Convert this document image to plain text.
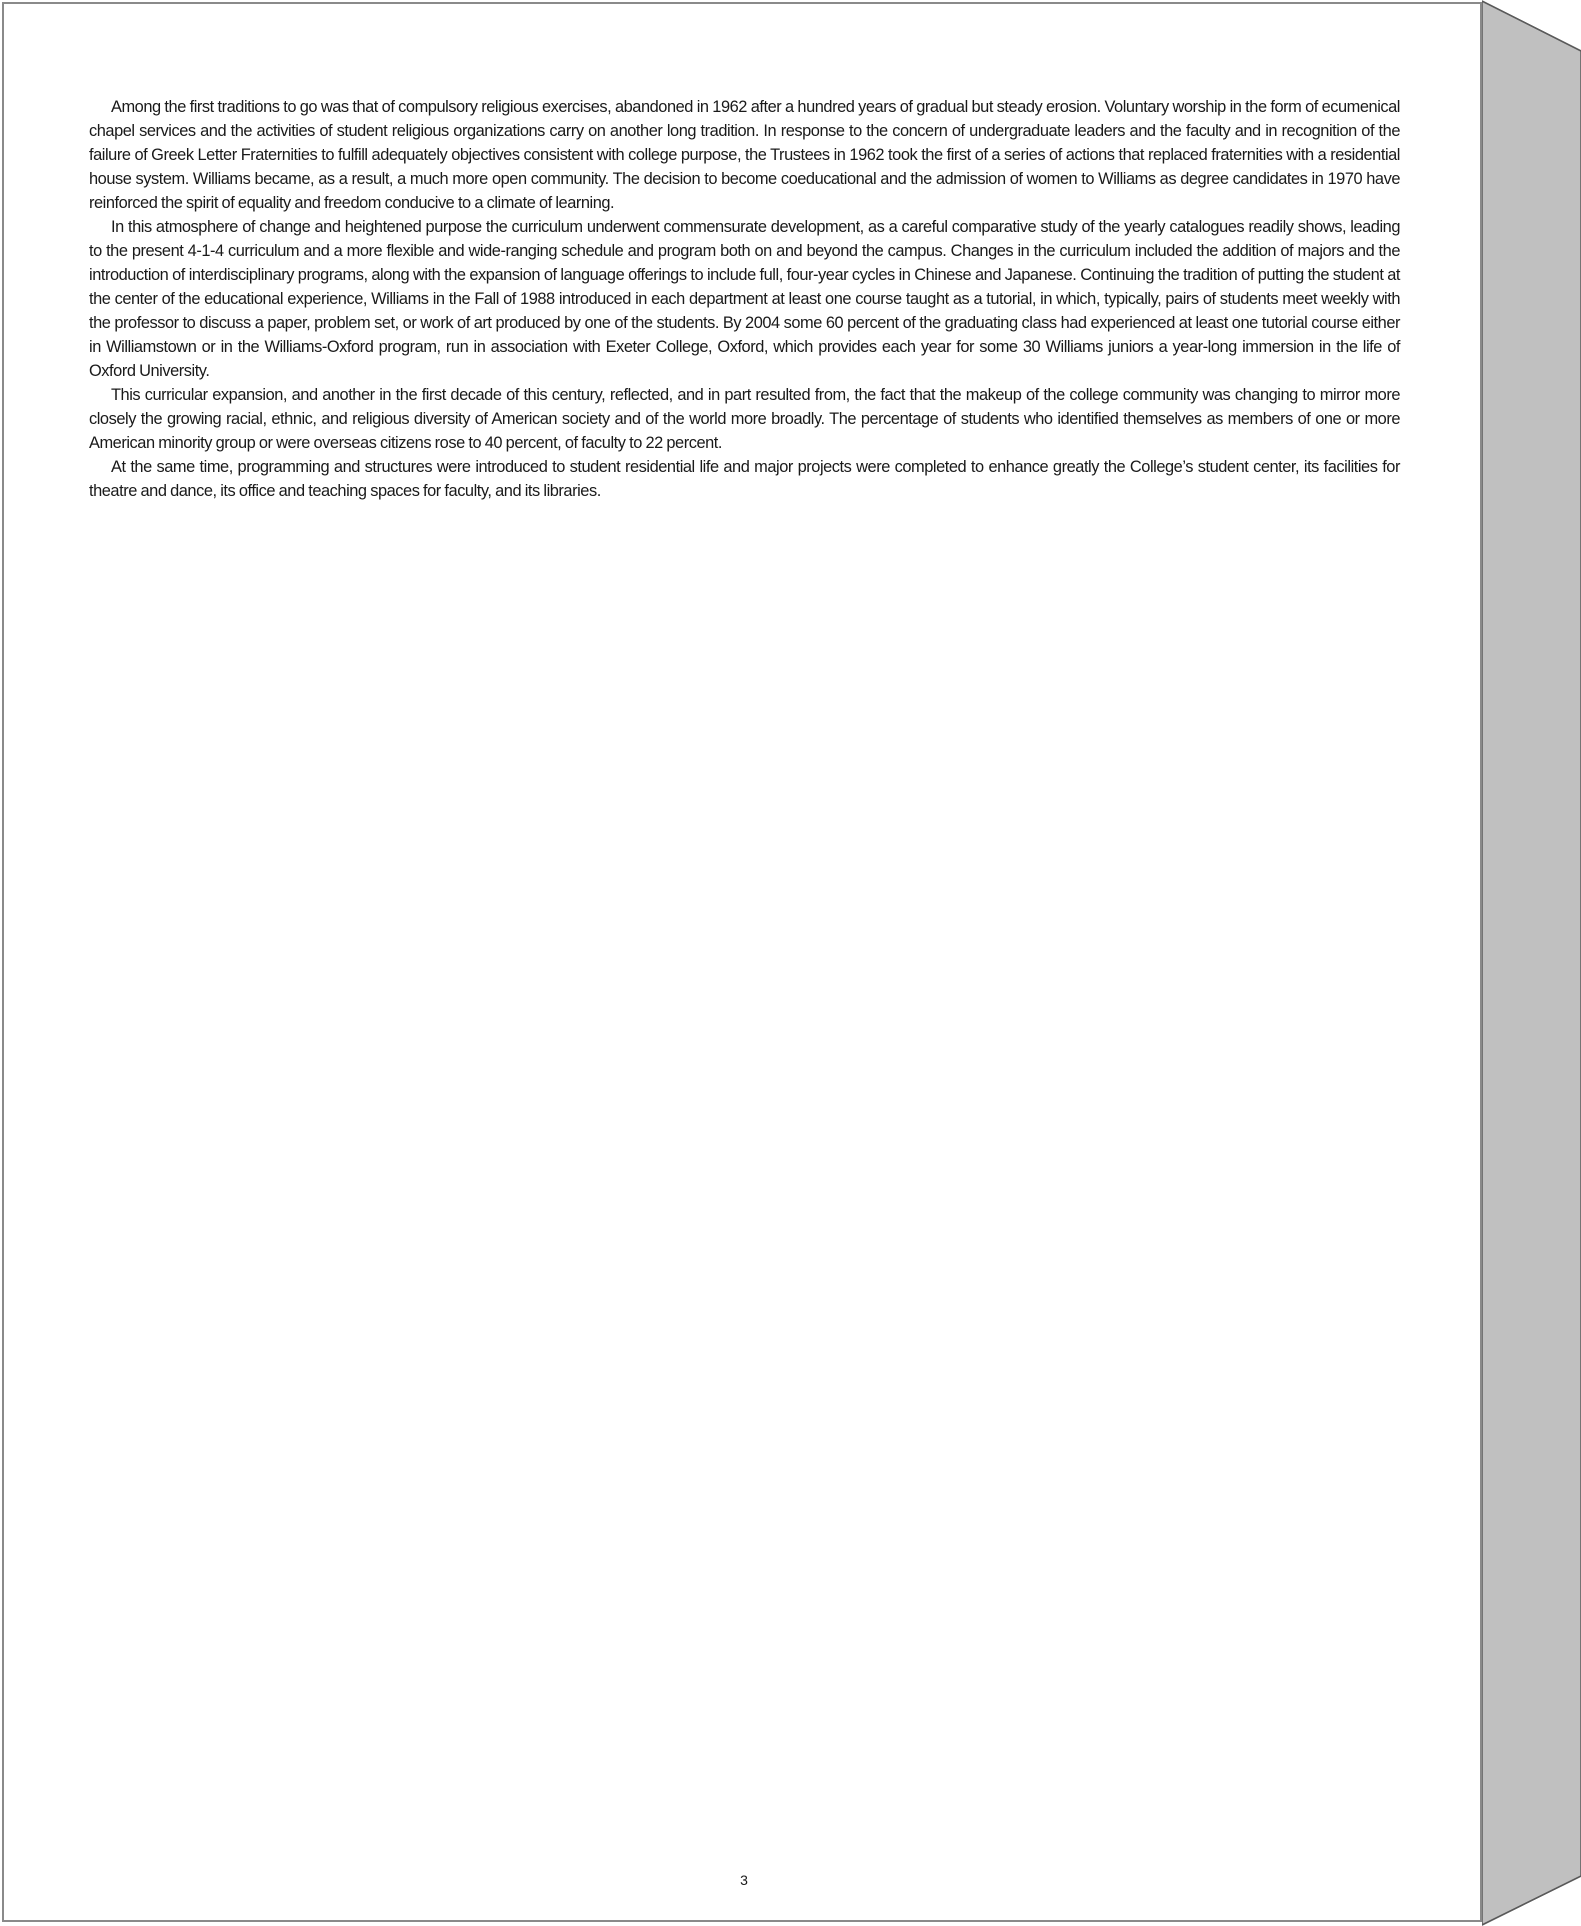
Among the first traditions to go was that of compulsory religious exercises, abandoned in 1962 after a hundred years of gradual but steady erosion. Voluntary worship in the form of ecumenical chapel services and the activities of student religious organizations carry on another long tradition. In response to the concern of undergraduate leaders and the faculty and in recognition of the failure of Greek Letter Fraternities to fulfill adequately objectives consistent with college purpose, the Trustees in 1962 took the first of a series of actions that replaced fraternities with a residential house system. Williams became, as a result, a much more open community. The decision to become coeducational and the admission of women to Williams as degree candidates in 1970 have reinforced the spirit of equality and freedom conducive to a climate of learning.

In this atmosphere of change and heightened purpose the curriculum underwent commensurate development, as a careful comparative study of the yearly catalogues readily shows, leading to the present 4-1-4 curriculum and a more flexible and wide-ranging schedule and program both on and beyond the campus. Changes in the curriculum included the addition of majors and the introduction of interdisciplinary programs, along with the expansion of language offerings to include full, four-year cycles in Chinese and Japanese. Continuing the tradition of putting the student at the center of the educational experience, Williams in the Fall of 1988 introduced in each department at least one course taught as a tutorial, in which, typically, pairs of students meet weekly with the professor to discuss a paper, problem set, or work of art produced by one of the students. By 2004 some 60 percent of the graduating class had experienced at least one tutorial course either in Williamstown or in the Williams-Oxford program, run in association with Exeter College, Oxford, which provides each year for some 30 Williams juniors a year-long immersion in the life of Oxford University.

This curricular expansion, and another in the first decade of this century, reflected, and in part resulted from, the fact that the makeup of the college community was changing to mirror more closely the growing racial, ethnic, and religious diversity of American society and of the world more broadly. The percentage of students who identified themselves as members of one or more American minority group or were overseas citizens rose to 40 percent, of faculty to 22 percent.

At the same time, programming and structures were introduced to student residential life and major projects were completed to enhance greatly the College’s student center, its facilities for theatre and dance, its office and teaching spaces for faculty, and its libraries.

3
